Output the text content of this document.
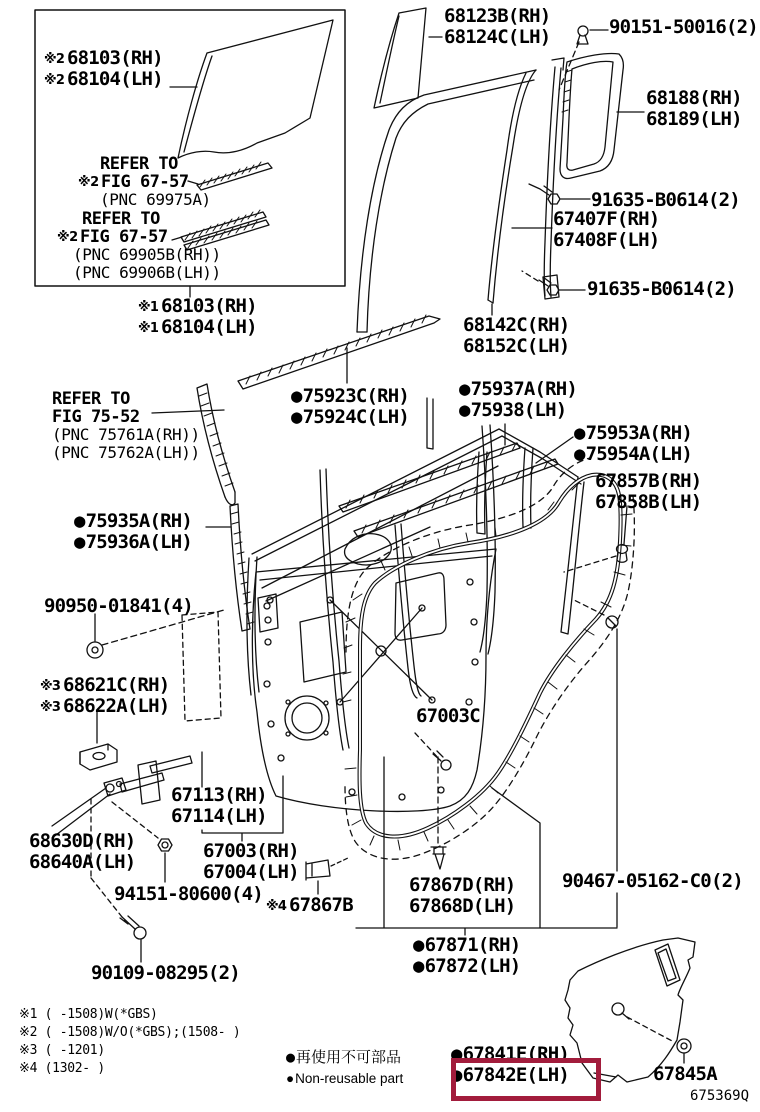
※2 68103(RH)
※2 68104(LH)
REFER TO
※2 FIG 67-57
(PNC 69975A)
REFER TO
※2 FIG 67-57
(PNC 69905B(RH))
(PNC 69906B(LH))
※1 68103(RH)
※1 68104(LH)
68123B(RH)
68124C(LH)	90151-50016(2)
68188(RH)
68189(LH)
91635-B0614(2)
67407F(RH)
67408F(LH)
91635-B0614(2)
68142C(RH)
68152C(LH)
●75923C(RH)
●75924C(LH)
●75937A(RH)
●75938(LH)
●75953A(RH)
●75954A(LH)
67857B(RH)
67858B(LH)
REFER TO
FIG 75-52
(PNC 75761A(RH))
(PNC 75762A(LH))
●75935A(RH)
●75936A(LH)
90950-01841(4)
※3 68621C(RH)
※3 68622A(LH)	67003C
67113(RH)
67114(LH)
68630D(RH)
68640A(LH)	67003(RH)
67004(LH)
94151-80600(4)
※4 67867B
90109-08295(2)
67867D(RH)
67868D(LH)
90467-05162-C0(2)
●67871(RH)
●67872(LH)
●67841E(RH)
●67842E(LH)	67845A
675369Q
※1 ( -1508)W(*GBS)
※2 ( -1508)W/O(*GBS);(1508- )
※3 ( -1201)
※4 (1302- )
●再使用不可部品
●Non-reusable part
